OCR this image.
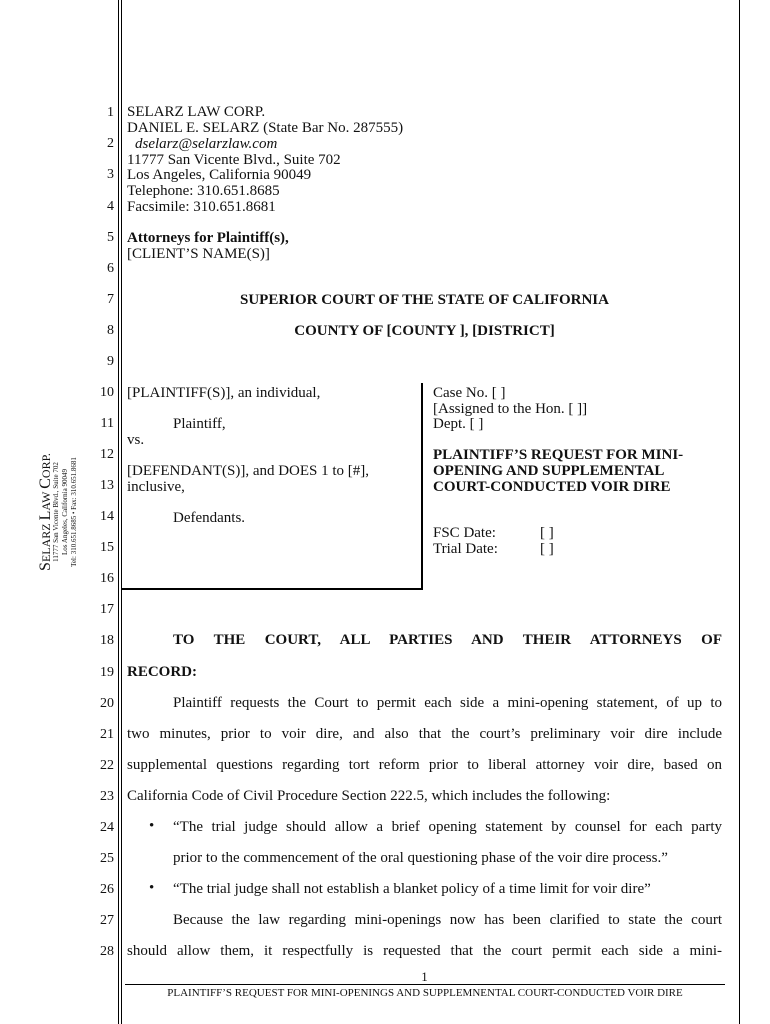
SELARZ LAW CORP. 11777 San Vicente Blvd., Suite 702 Los Angeles, California 90049 Tel: 310.651.8685 • Fax: 310.651.8681
1
2
3
4
5
6
7
8
9
10
11
12
13
14
15
16
17
18
19
20
21
22
23
24
25
26
27
28
SELARZ LAW CORP.
DANIEL E. SELARZ (State Bar No. 287555)
dselarz@selarzlaw.com
11777 San Vicente Blvd., Suite 702
Los Angeles, California 90049
Telephone: 310.651.8685
Facsimile: 310.651.8681
Attorneys for Plaintiff(s),
[CLIENT’S NAME(S)]
SUPERIOR COURT OF THE STATE OF CALIFORNIA
COUNTY OF [COUNTY ], [DISTRICT]
[PLAINTIFF(S)], an individual,
Plaintiff,
vs.
[DEFENDANT(S)], and DOES 1 to [#],
inclusive,
Defendants.
Case No. [ ]
[Assigned to the Hon. [ ]]
Dept. [ ]
PLAINTIFF’S REQUEST FOR MINI-
OPENING AND SUPPLEMENTAL
COURT-CONDUCTED VOIR DIRE
FSC Date:	[ ]
Trial Date:	[ ]
TO THE COURT, ALL PARTIES AND THEIR ATTORNEYS OF
RECORD:
Plaintiff requests the Court to permit each side a mini-opening statement, of up to
two minutes, prior to voir dire, and also that the court’s preliminary voir dire include
supplemental questions regarding tort reform prior to liberal attorney voir dire, based on
California Code of Civil Procedure Section 222.5, which includes the following:
• “The trial judge should allow a brief opening statement by counsel for each party
prior to the commencement of the oral questioning phase of the voir dire process.”
• “The trial judge shall not establish a blanket policy of a time limit for voir dire”
Because the law regarding mini-openings now has been clarified to state the court
should allow them, it respectfully is requested that the court permit each side a mini-
1
PLAINTIFF’S REQUEST FOR MINI-OPENINGS AND SUPPLEMNENTAL COURT-CONDUCTED VOIR DIRE
